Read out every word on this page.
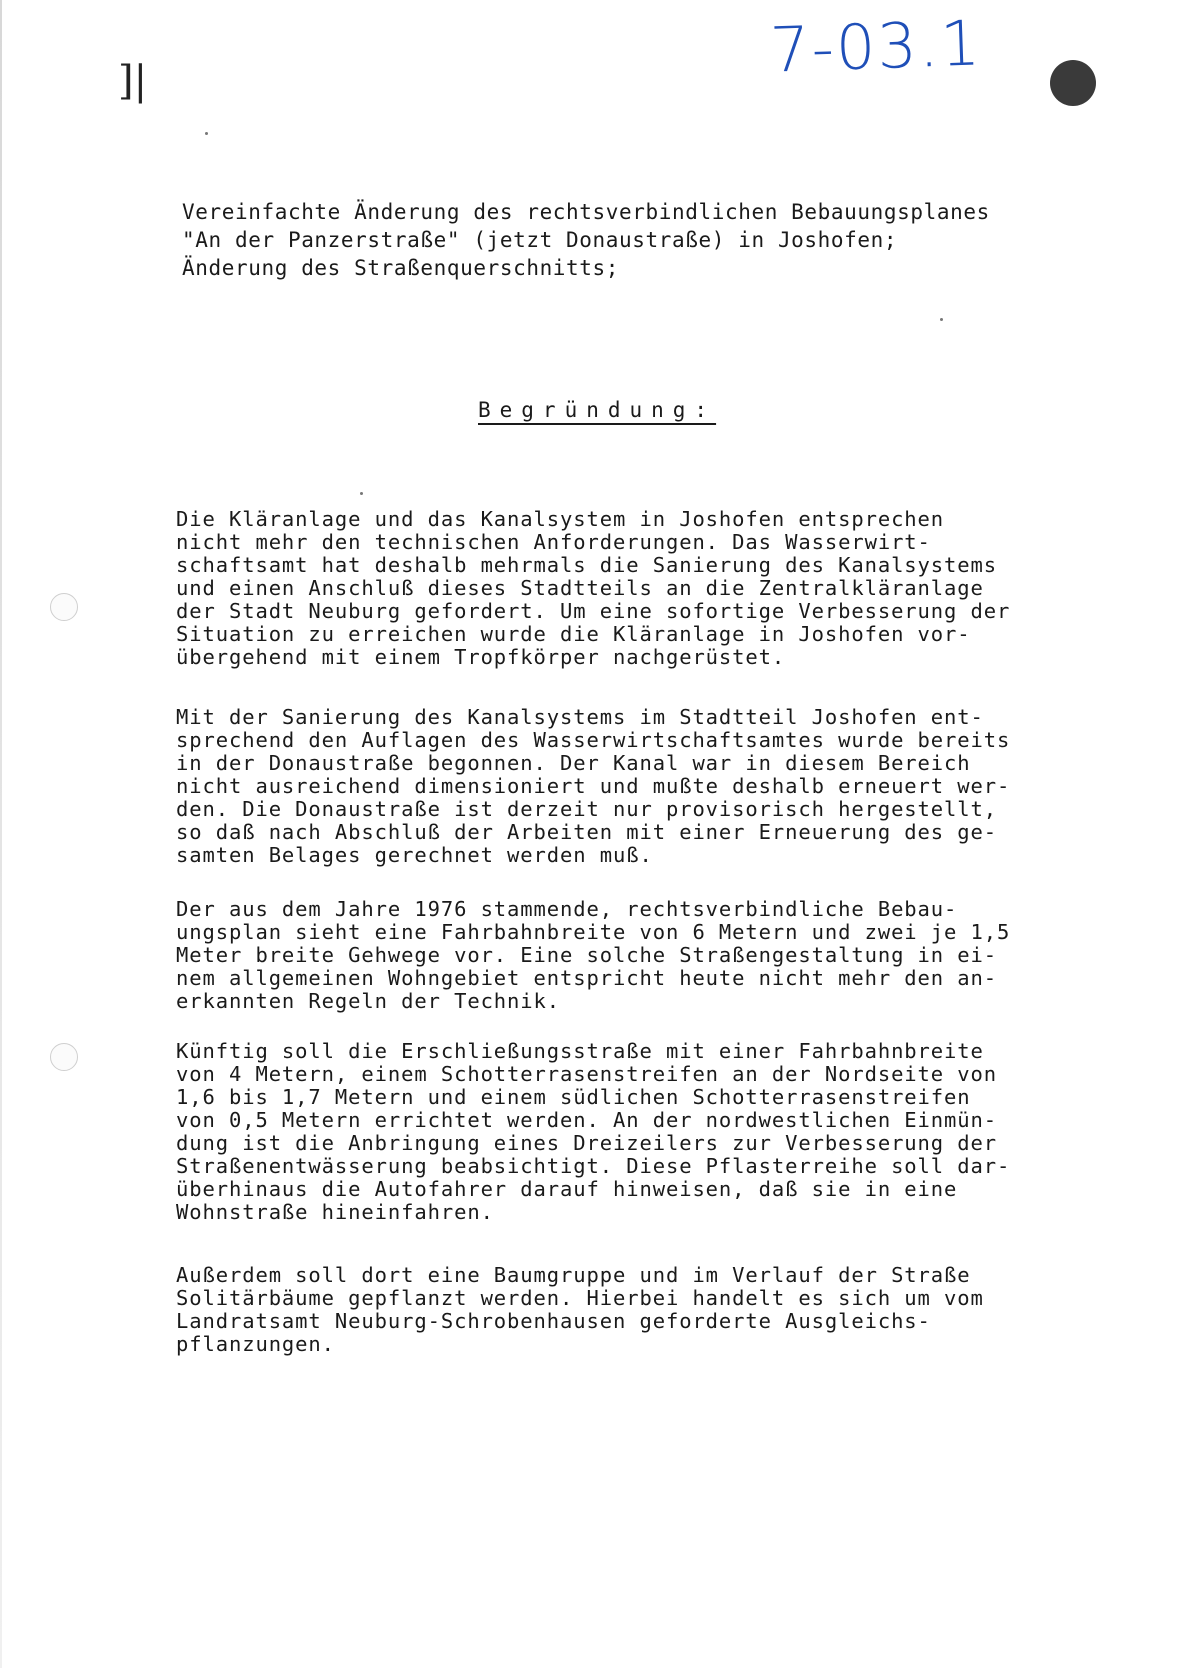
]|	7-03.1
Vereinfachte Änderung des rechtsverbindlichen Bebauungsplanes
"An der Panzerstraße" (jetzt Donaustraße) in Joshofen;
Änderung des Straßenquerschnitts;
Begründung:
Die Kläranlage und das Kanalsystem in Joshofen entsprechen
nicht mehr den technischen Anforderungen. Das Wasserwirt-
schaftsamt hat deshalb mehrmals die Sanierung des Kanalsystems
und einen Anschluß dieses Stadtteils an die Zentralkläranlage
der Stadt Neuburg gefordert. Um eine sofortige Verbesserung der
Situation zu erreichen wurde die Kläranlage in Joshofen vor-
übergehend mit einem Tropfkörper nachgerüstet.
Mit der Sanierung des Kanalsystems im Stadtteil Joshofen ent-
sprechend den Auflagen des Wasserwirtschaftsamtes wurde bereits
in der Donaustraße begonnen. Der Kanal war in diesem Bereich
nicht ausreichend dimensioniert und mußte deshalb erneuert wer-
den. Die Donaustraße ist derzeit nur provisorisch hergestellt,
so daß nach Abschluß der Arbeiten mit einer Erneuerung des ge-
samten Belages gerechnet werden muß.
Der aus dem Jahre 1976 stammende, rechtsverbindliche Bebau-
ungsplan sieht eine Fahrbahnbreite von 6 Metern und zwei je 1,5
Meter breite Gehwege vor. Eine solche Straßengestaltung in ei-
nem allgemeinen Wohngebiet entspricht heute nicht mehr den an-
erkannten Regeln der Technik.
Künftig soll die Erschließungsstraße mit einer Fahrbahnbreite
von 4 Metern, einem Schotterrasenstreifen an der Nordseite von
1,6 bis 1,7 Metern und einem südlichen Schotterrasenstreifen
von 0,5 Metern errichtet werden. An der nordwestlichen Einmün-
dung ist die Anbringung eines Dreizeilers zur Verbesserung der
Straßenentwässerung beabsichtigt. Diese Pflasterreihe soll dar-
überhinaus die Autofahrer darauf hinweisen, daß sie in eine
Wohnstraße hineinfahren.
Außerdem soll dort eine Baumgruppe und im Verlauf der Straße
Solitärbäume gepflanzt werden. Hierbei handelt es sich um vom
Landratsamt Neuburg-Schrobenhausen geforderte Ausgleichs-
pflanzungen.
